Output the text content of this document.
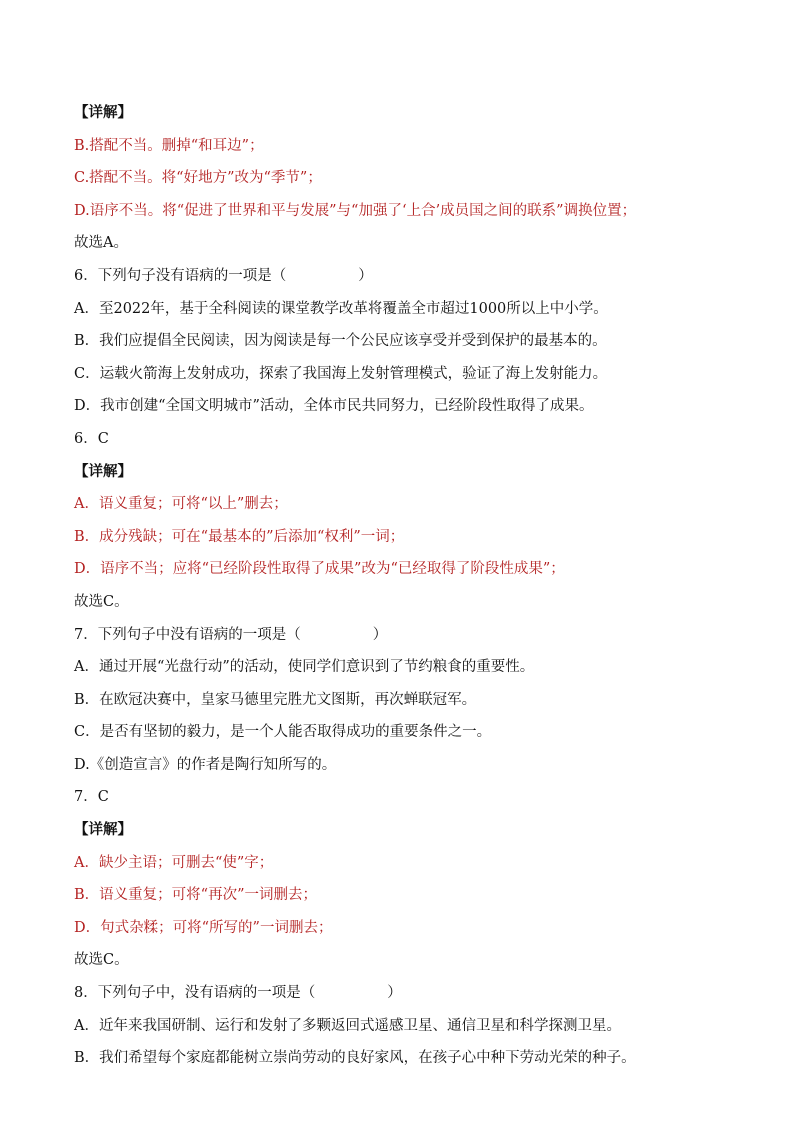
【详解】
B.搭配不当。删掉“和耳边”；
C.搭配不当。将“好地方”改为“季节”；
D.语序不当。将“促进了世界和平与发展”与“加强了‘上合’成员国之间的联系”调换位置；
故选A。
6．下列句子没有语病的一项是（	）
A．至2022年，基于全科阅读的课堂教学改革将覆盖全市超过1000所以上中小学。
B．我们应提倡全民阅读，因为阅读是每一个公民应该享受并受到保护的最基本的。
C．运载火箭海上发射成功，探索了我国海上发射管理模式，验证了海上发射能力。
D．我市创建“全国文明城市”活动，全体市民共同努力，已经阶段性取得了成果。
6．C
【详解】
A．语义重复；可将“以上”删去；
B．成分残缺；可在“最基本的”后添加“权利”一词；
D．语序不当；应将“已经阶段性取得了成果”改为“已经取得了阶段性成果”；
故选C。
7．下列句子中没有语病的一项是（	）
A．通过开展“光盘行动”的活动，使同学们意识到了节约粮食的重要性。
B．在欧冠决赛中，皇家马德里完胜尤文图斯，再次蝉联冠军。
C．是否有坚韧的毅力，是一个人能否取得成功的重要条件之一。
D.《创造宣言》的作者是陶行知所写的。
7．C
【详解】
A．缺少主语；可删去“使”字；
B．语义重复；可将“再次”一词删去；
D．句式杂糅；可将“所写的”一词删去；
故选C。
8．下列句子中，没有语病的一项是（	）
A．近年来我国研制、运行和发射了多颗返回式遥感卫星、通信卫星和科学探测卫星。
B．我们希望每个家庭都能树立崇尚劳动的良好家风，在孩子心中种下劳动光荣的种子。
